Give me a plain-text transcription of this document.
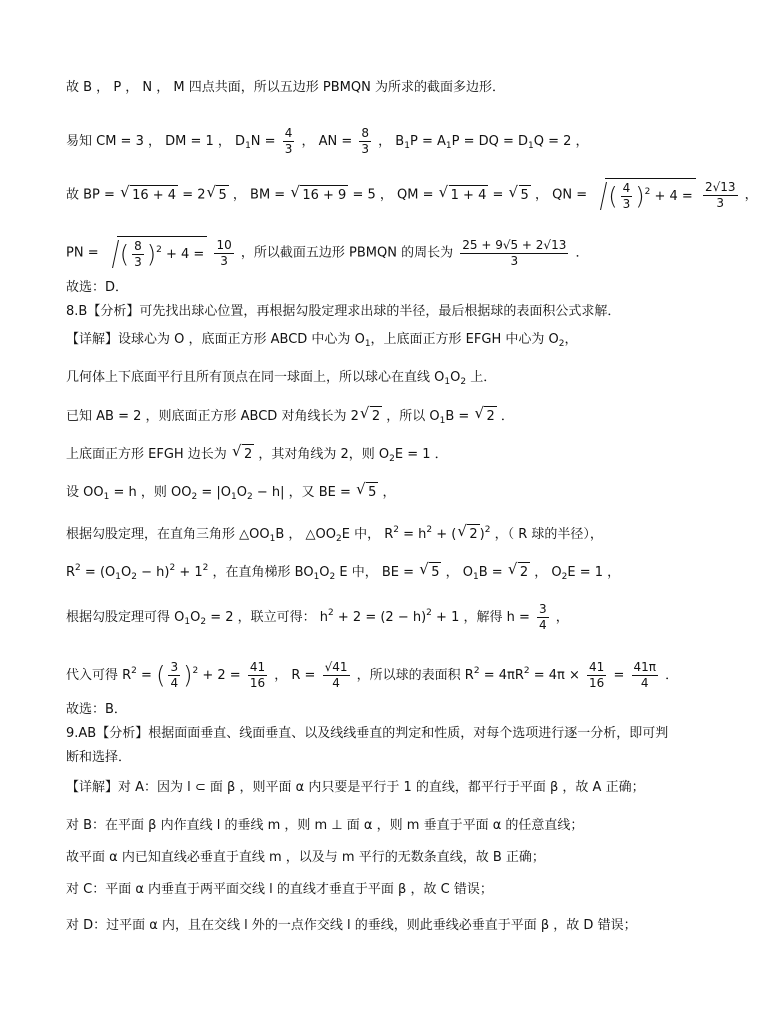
故 B ， P ， N ， M 四点共面，所以五边形 PBMQN 为所求的截面多边形．
易知 CM = 3 ， DM = 1 ， $D_1N = \frac{4}{3}$ ， AN = $\frac{8}{3}$ ， $B_1P = A_1P$ = DQ = $D_1Q = 2$ ，
故 BP = √ 16 + 4 = 2 √ 5 ， BM = √ 16 + 9 = 5 ， QM = √ 1 + 4 = √ 5 ， QN = ( $\frac{4}{3} )^2 + 4 = \frac{2√13}{3}$ ，
PN = ( $\frac{8}{3} )^2 + 4 = \frac{10}{3}$ ，所以截面五边形 PBMQN 的周长为 $\frac{25 + 9√5 + 2√13}{3}$ ．
故选：D．
8.B【分析】可先找出球心位置，再根据勾股定理求出球的半径，最后根据球的表面积公式求解．
【详解】设球心为 O ，底面正方形 ABCD 中心为 $O_1$，上底面正方形 EFGH 中心为 $O_2$，
几何体上下底面平行且所有顶点在同一球面上，所以球心在直线 $O_1O_2$ 上．
已知 AB = 2 ，则底面正方形 ABCD 对角线长为 2 √ 2 ，所以 $O_1B$ = √ 2 ．
上底面正方形 EFGH 边长为 √ 2 ，其对角线为 2，则 $O_2E = 1$ ．
设 $OO_1 = h$ ，则 $OO_2 = |O_1O_2 - h|$ ，又 BE = √ 5 ，
根据勾股定理，在直角三角形 $\triangle OO_1B$ ， $\triangle OO_2E$ 中， $R^2 = h^2$ + ( √ 2 )$^2$ ，（ R 球的半径），
$R^2 = (O_1O_2 - h)^2 + 1^2$ ，在直角梯形 $BO_1O_2$ E 中， BE = √ 5 ， $O_1B$ = √ 2 ， $O_2E = 1$ ，
根据勾股定理可得 $O_1O_2 = 2$ ，联立可得： $h^2 + 2 = (2 - h)^2 + 1$ ，解得 $h = \frac{3}{4}$ ，
代入可得 $R^2$ = ( $\frac{3}{4} )^2 + 2 = \frac{41}{16}$ ， $R = \frac{√41}{4}$ ，所以球的表面积 $R^2 = 4\pi R^2 = 4\pi \times \frac{41}{16} = \frac{41\pi}{4}$ ．
故选：B．
9.AB【分析】根据面面垂直、线面垂直、以及线线垂直的判定和性质，对每个选项进行逐一分析，即可判断和选择．
【详解】对 A：因为 l ⊂ 面 β ，则平面 α 内只要是平行于 1 的直线，都平行于平面 β ，故 A 正确；
对 B：在平面 β 内作直线 l 的垂线 m ，则 m ⊥ 面 α ，则 m 垂直于平面 α 的任意直线；
故平面 α 内已知直线必垂直于直线 m ，以及与 m 平行的无数条直线，故 B 正确；
对 C：平面 α 内垂直于两平面交线 l 的直线才垂直于平面 β ，故 C 错误；
对 D：过平面 α 内，且在交线 l 外的一点作交线 l 的垂线，则此垂线必垂直于平面 β ，故 D 错误；
